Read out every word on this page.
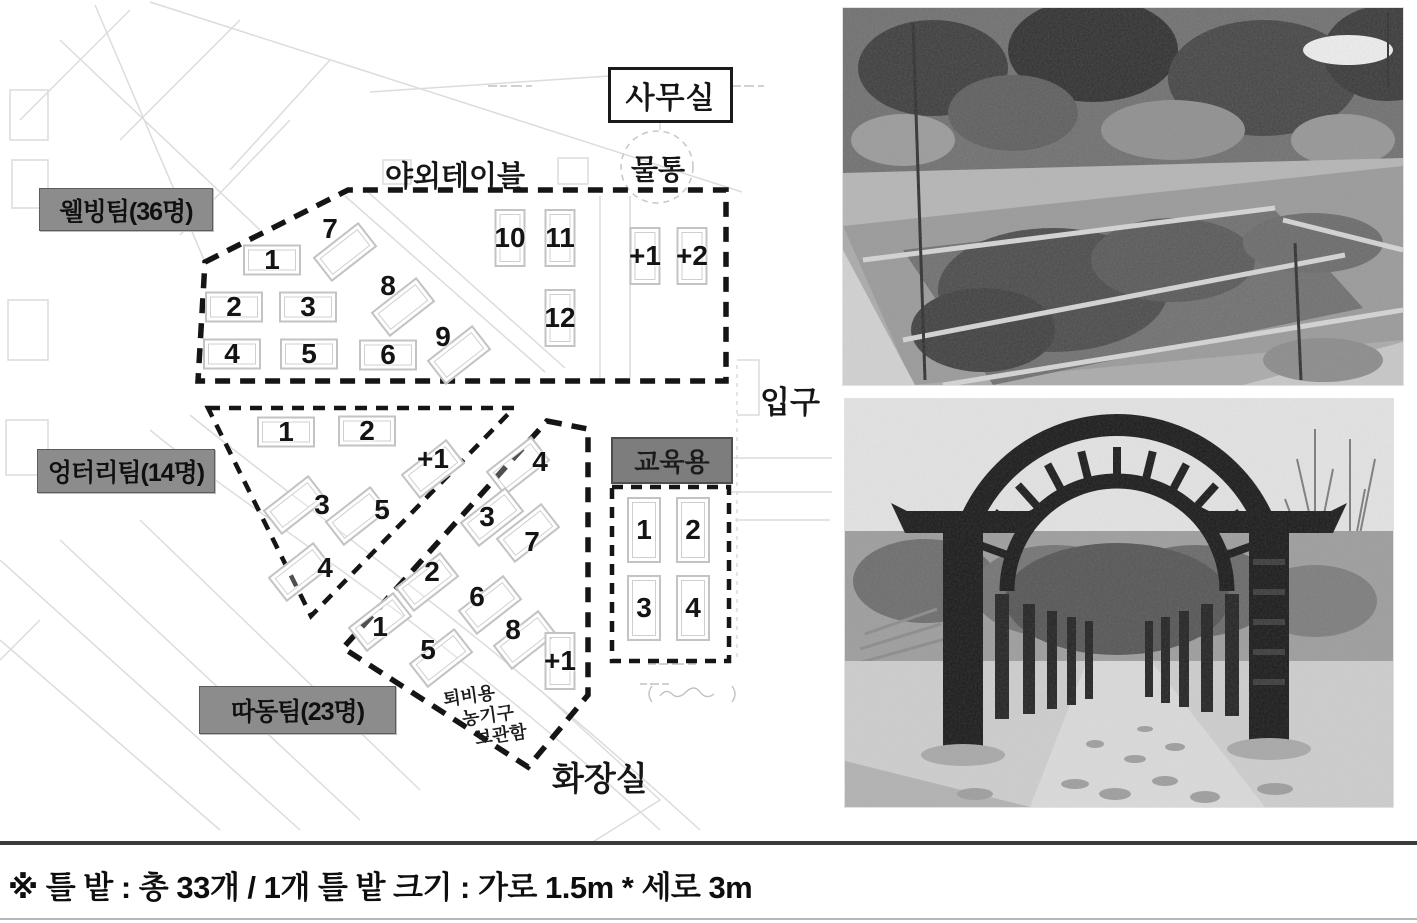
웰빙팀(36명)
엉터리팀(14명)
따동팀(23명)
사무실
야외테이블	물통
입구
교육용
화장실
퇴비용
농기구
보관함
1
2 3
4 5 6
7
8
9
10 11
12
+1 +2
1 2
+1
3 5
4
4
3
7
2
6
1
5
8
+1
1 2
3 4
※ 틀 밭 : 총 33개 / 1개 틀 밭 크기 : 가로 1.5m * 세로 3m
